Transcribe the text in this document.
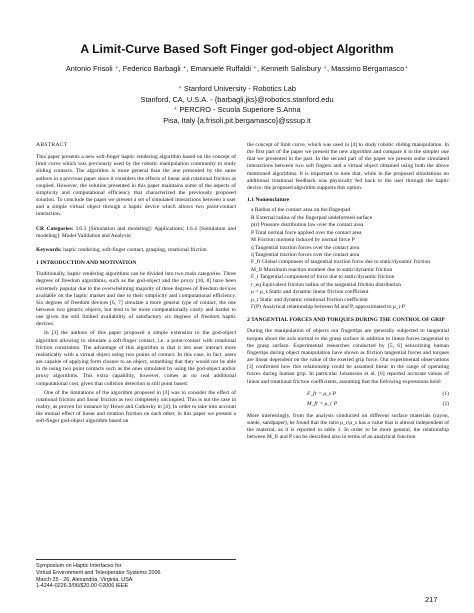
A Limit-Curve Based Soft Finger god-object Algorithm
Antonio Frisoli ⁺, Federico Barbagli ⁺, Emanuele Ruffaldi ⁺, Kenneth Salisbury ⁺, Massimo Bergamasco⁺
⁺ Stanford University - Robotics Lab
Stanford, CA, U.S.A. - {barbagli,jks}@robotics.stanford.edu
⁺ PERCRO - Scuola Superiore S.Anna
Pisa, Italy {a.frisoli,pit,bergamasco}@sssup.it
ABSTRACT
This paper presents a new soft-finger haptic rendering algorithm based on the concept of limit curve which was previously used by the robotic manipulation community to study sliding contacts. The algorithm is more general than the one presented by the same authors in a previous paper since it considers the effects of linear and rotational friction as coupled. However, the solution presented in this paper maintains some of the aspects of simplicity and computational efficiency that characterized the previously proposed solution. To conclude the paper we present a set of simulated interactions between a user and a simple virtual object through a haptic device which allows two point-contact interaction.
CR Categories: I.6.3 [Simulation and modeling]: Applications; I.6.4 [Simulation and modeling]: Model Validation and Analysis;
Keywords: haptic rendering, soft-finger contact, grasping, rotational friction
1 INTRODUCTION AND MOTIVATION
Traditionally, haptic rendering algorithms can be divided into two main categories. Three degrees of freedom algorithms, such as the god-object and the proxy [10, 8] have been extremely popular due to the overwhelming majority of three degrees of freedom devices available on the haptic market and due to their simplicity and computational efficiency. Six degrees of freedom devices [6, 7] simulate a more general type of contact, the one between two generic objects, but tend to be more computationally costly and harder to use given the still limited availability of satisfactory six degrees of freedom haptic devices.
In [3] the authors of this paper proposed a simple extension to the god-object algorithm allowing to simulate a soft-finger contact, i.e. a point-contact with rotational friction constraints. The advantage of this algorithm is that it lets user interact more realistically with a virtual object using two points of contact. In this case, in fact, users are capable of applying form closure to an object, something that they would not be able to do using two point contacts such as the ones simulated by using the god-object and/or proxy algorithms. This extra capability, however, comes at no real additional computational cost, given that collision detection is still point based.
One of the limitations of the algorithm proposed in [3] was to consider the effect of rotational friction and linear friction as two completely uncoupled. This is not the case in reality, as proven for instance by Howe and Cutkosky in [4]. In order to take into account the mutual effect of linear and rotation friction on each other, in this paper we present a soft-finger god-object algorithm based on
Symposium on Haptic Interfaces for
Virtual Environment and Teleoperator Systems 2006
March 25 - 26, Alexandria, Virginia, USA
1-4244-0226-3/06/$20.00 ©2006 IEEE
the concept of limit curve, which was used in [4] to study robotic sliding manipulation. In the first part of the paper we present the new algorithm and compare it to the simpler one that we presented in the past. In the second part of the paper we present some simulated interactions between two soft fingers and a virtual object obtained using both the above mentioned algorithms. It is important to note that, while in the proposed simulations no additional rotational feedback was physically fed back to the user through the haptic device, the proposed algorithm supports this option.
1.1 Nomenclature
a Radius of the contact area on the fingerpad
R External radius of the fingerpad undeformed surface
p(r) Pressure distribution law over the contact area
P Total normal force applied over the contact area
M Friction moment induced by normal force P
q̇ Tangential traction forces over the contact area
q̇ Tangential traction forces over the contact area
F_fr Global component of tangential traction force due to static/dynamic friction
M_fr Maximum reaction moment due to static/dynamic friction
F_t Tangential component of force due to static/dynamic friction
r_eq Equivalent friction radius of the tangential friction distribution
μ = μ_s Static and dynamic linear friction coefficient
μ_r Static and dynamic rotational friction coefficient
Γ(P) Analytical relationship between M and P, approximated to μ_r P
2 TANGENTIAL FORCES AND TORQUES DURING THE CONTROL OF GRIP
During the manipulation of objects our fingertips are generally subjected to tangential torques about the axis normal to the grasp surface in addition to linear forces tangential to the grasp surface. Experimental researches conducted by [5, 6] sensorizing human fingertips during object manipulation have shown as friction tangential forces and torques are linear dependent on the value of the exerted grip force. Our experimental observations [3] confirmed how this relationship could be assumed linear in the range of operating forces during human grip. In particular Johansson et al. [6] reported accurate values of linear and rotational friction coefficients, assuming that the following expressions hold:
F_fr = μ_s P	(1)
M_fr = μ_r P	(2)
More interestingly, from the analysis conducted on different surface materials (rayon, suede, sandpaper), he found that the ratio μ_r/μ_s has a value that is almost independent of the material, as it is reported in table 1. In order to be more general, the relationship between M_fr and P can be described also in terms of an analytical function
217
